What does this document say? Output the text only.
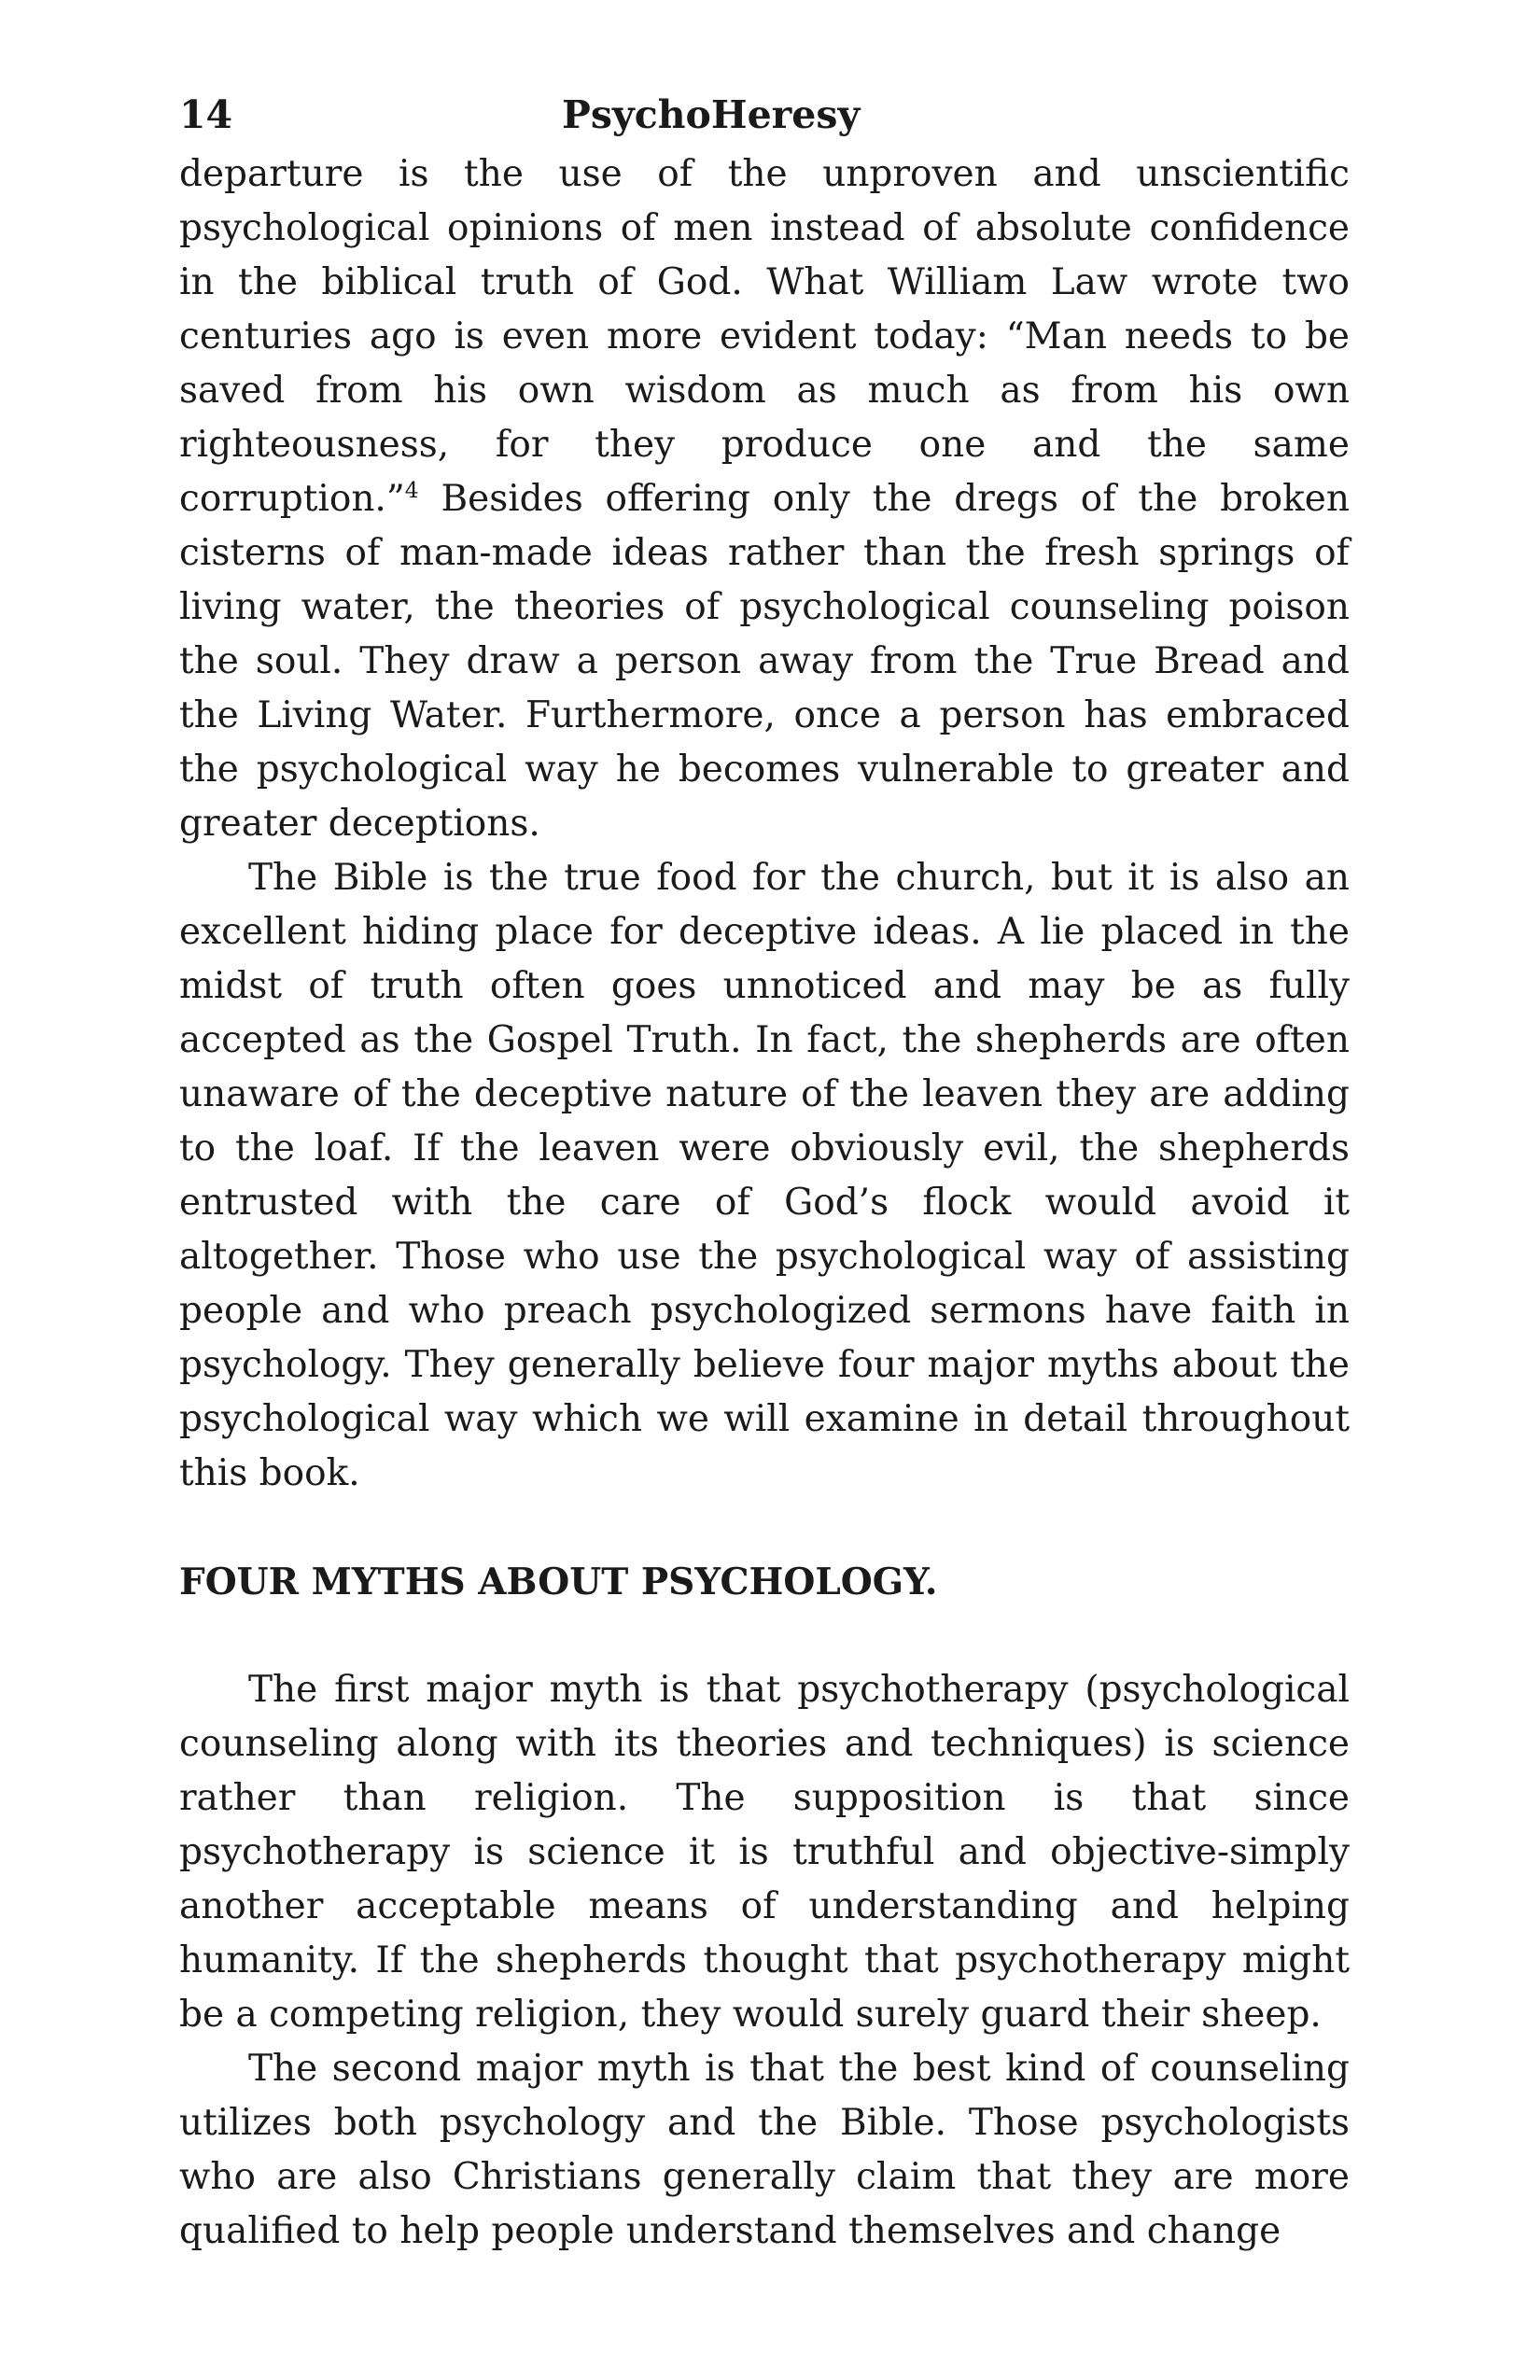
14	PsychoHeresy

departure is the use of the unproven and unscientific psychological opinions of men instead of absolute confidence in the biblical truth of God. What William Law wrote two centuries ago is even more evident today: “Man needs to be saved from his own wisdom as much as from his own righteousness, for they produce one and the same corruption.”$^4$ Besides offering only the dregs of the broken cisterns of man-made ideas rather than the fresh springs of living water, the theories of psychological counseling poison the soul. They draw a person away from the True Bread and the Living Water. Furthermore, once a person has embraced the psychological way he becomes vulnerable to greater and greater deceptions.

The Bible is the true food for the church, but it is also an excellent hiding place for deceptive ideas. A lie placed in the midst of truth often goes unnoticed and may be as fully accepted as the Gospel Truth. In fact, the shepherds are often unaware of the deceptive nature of the leaven they are adding to the loaf. If the leaven were obviously evil, the shepherds entrusted with the care of God’s flock would avoid it altogether. Those who use the psychological way of assisting people and who preach psychologized sermons have faith in psychology. They generally believe four major myths about the psychological way which we will examine in detail throughout this book.

FOUR MYTHS ABOUT PSYCHOLOGY.

The first major myth is that psychotherapy (psychological counseling along with its theories and techniques) is science rather than religion. The supposition is that since psychotherapy is science it is truthful and objective-simply another acceptable means of understanding and helping humanity. If the shepherds thought that psychotherapy might be a competing religion, they would surely guard their sheep.

The second major myth is that the best kind of counseling utilizes both psychology and the Bible. Those psychologists who are also Christians generally claim that they are more qualified to help people understand themselves and change
